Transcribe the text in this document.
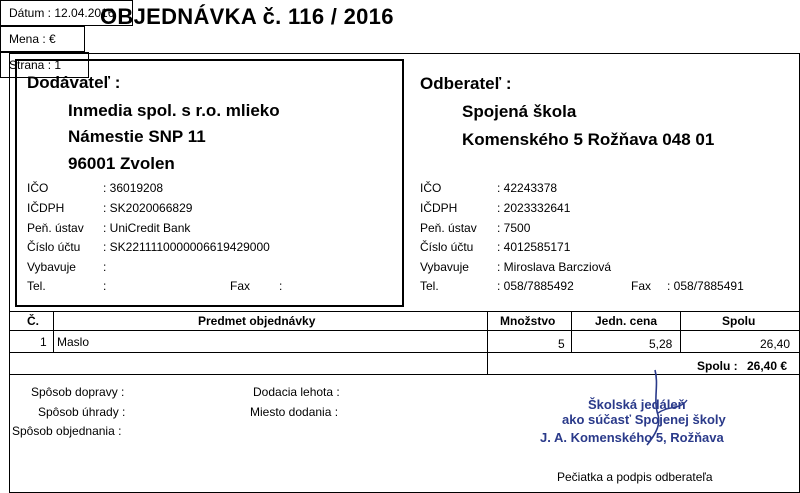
OBJEDNÁVKA č. 116 / 2016
Dátum : 12.04.2016
Mena : €
Strana : 1
Dodávateľ :
Inmedia spol. s r.o. mlieko
Námestie SNP 11
96001 Zvolen
IČO	: 36019208
IČDPH	: SK2020066829
Peň. ústav : UniCredit Bank
Číslo účtu : SK2211110000006619429000
Vybavuje :
Tel.	:	Fax :
Odberateľ :
Spojená škola
Komenského 5 Rožňava 048 01
IČO	: 42243378
IČDPH	: 2023332641
Peň. ústav : 7500
Číslo účtu : 4012585171
Vybavuje : Miroslava Barcziová
Tel.	: 058/7885492	Fax : 058/7885491
Č.	Predmet objednávky	Množstvo	Jedn. cena	Spolu
1 Maslo	5	5,28	26,40
Spolu : 26,40 €
Spôsob dopravy :
Spôsob úhrady :
Spôsob objednania :
Dodacia lehota :
Miesto dodania :	Školská jedáleň
ako súčasť Spojenej školy
J. A. Komenského 5, Rožňava
Pečiatka a podpis odberateľa
